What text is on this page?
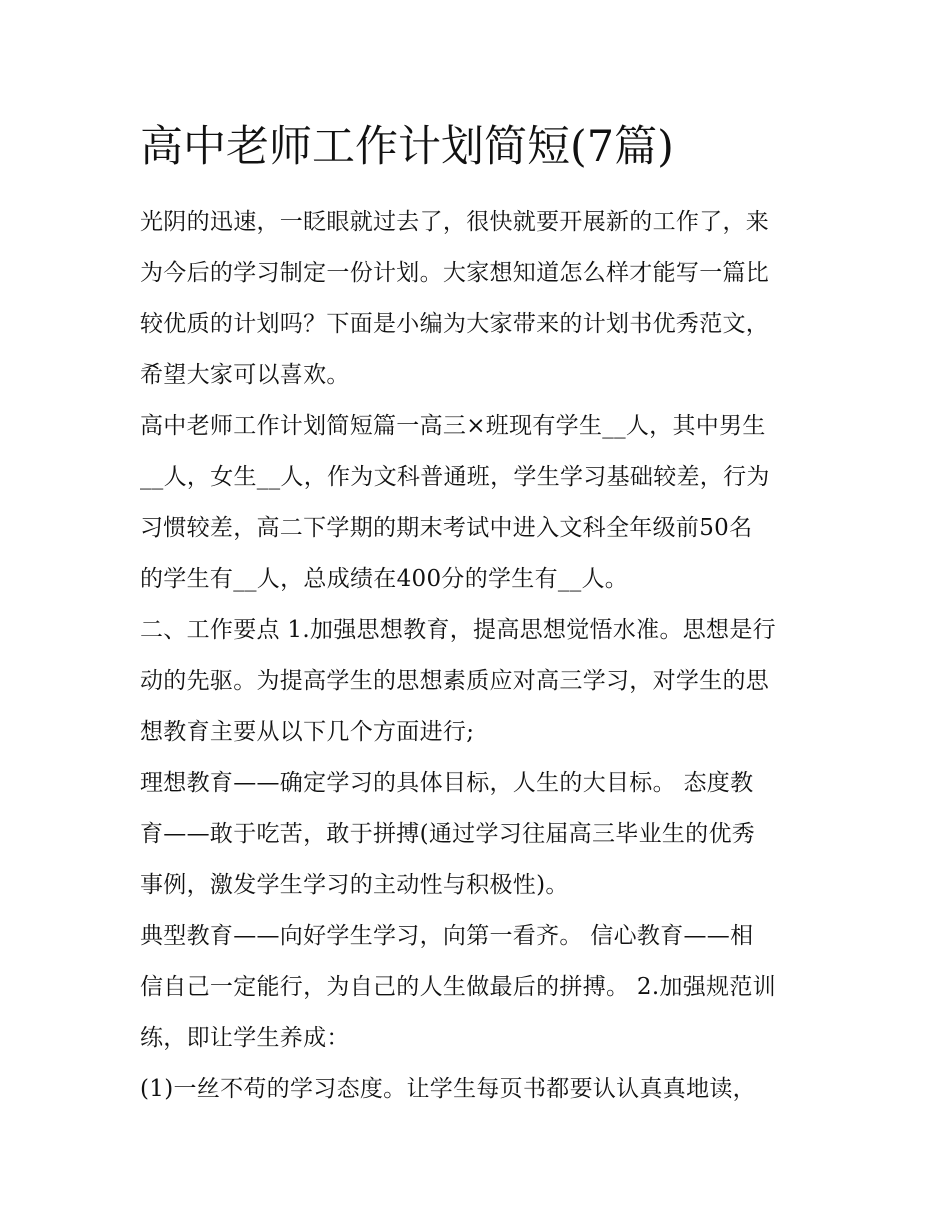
高中老师工作计划简短(7篇)

光阴的迅速，一眨眼就过去了，很快就要开展新的工作了，来
为今后的学习制定一份计划。大家想知道怎么样才能写一篇比
较优质的计划吗？下面是小编为大家带来的计划书优秀范文，
希望大家可以喜欢。

高中老师工作计划简短篇一高三×班现有学生__人，其中男生
__人，女生__人，作为文科普通班，学生学习基础较差，行为
习惯较差，高二下学期的期末考试中进入文科全年级前50名
的学生有__人，总成绩在400分的学生有__人。

二、工作要点 1.加强思想教育，提高思想觉悟水准。思想是行
动的先驱。为提高学生的思想素质应对高三学习，对学生的思
想教育主要从以下几个方面进行;

理想教育——确定学习的具体目标，人生的大目标。 态度教
育——敢于吃苦，敢于拼搏(通过学习往届高三毕业生的优秀
事例，激发学生学习的主动性与积极性)。

典型教育——向好学生学习，向第一看齐。 信心教育——相
信自己一定能行，为自己的人生做最后的拼搏。 2.加强规范训
练，即让学生养成：

(1)一丝不苟的学习态度。让学生每页书都要认认真真地读，
